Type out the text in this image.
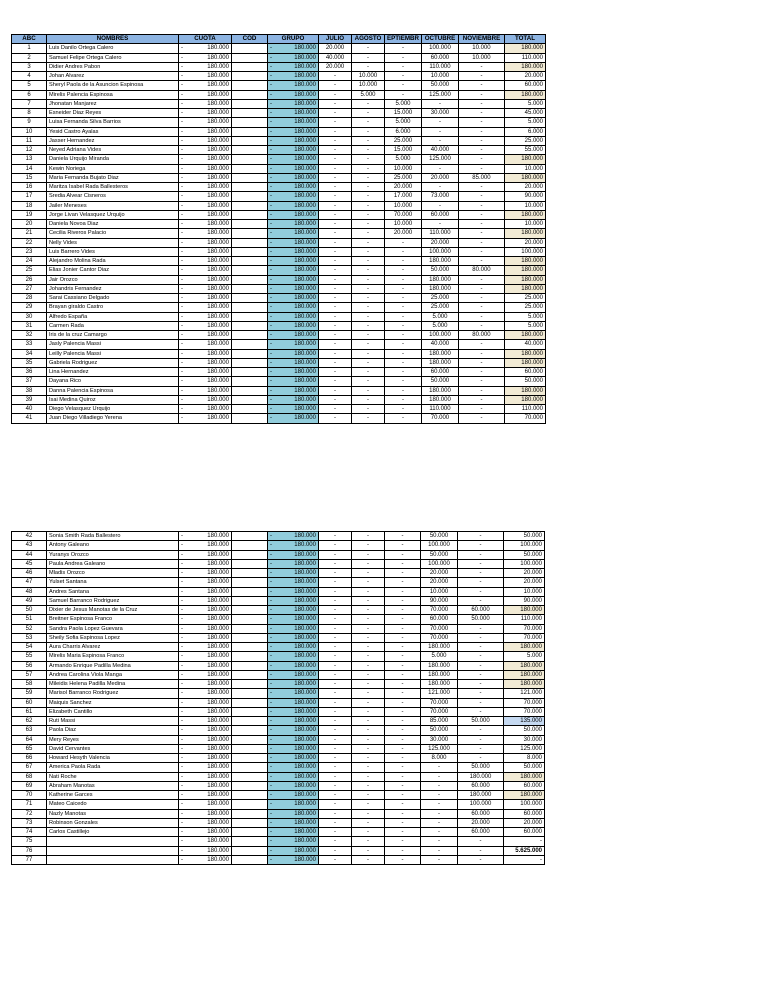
ABC	NOMBRES	CUOTA	COD	GRUPO	JULIO	AGOSTO	EPTIEMBR	OCTUBRE	NOVIEMBRE	TOTAL
1	Luis Danilo Ortega Calero	- 180.000		- 180.000	20.000	-	-	100.000	10.000	180.000
2	Samuel Felipe Ortega Calero	- 180.000		- 180.000	40.000	-	-	60.000	10.000	110.000
3	Didier Andres Pabon	- 180.000		- 180.000	20.000	-	-	110.000	-	180.000
4	Johan Alvarez	- 180.000		- 180.000	-	10.000	-	10.000	-	20.000
5	Sheryl Paola de la Asuncion Espinosa	- 180.000		- 180.000	-	10.000	-	50.000	-	60.000
6	Mirelis Palencia Espinosa	- 180.000		- 180.000	-	5.000	-	125.000	-	180.000
7	Jhonatan Manjarez	- 180.000		- 180.000	-	-	5.000	-	-	5.000
8	Esneider Diaz Reyes	- 180.000		- 180.000	-	-	15.000	30.000	-	45.000
9	Luisa Fernanda Silva Barrios	- 180.000		- 180.000	-	-	5.000	-	-	5.000
10	Yesid Castro Ayalas	- 180.000		- 180.000	-	-	6.000	-	-	6.000
11	Jasser Hernandez	- 180.000		- 180.000	-	-	25.000	-	-	25.000
12	Neyed Adriana Vides	- 180.000		- 180.000	-	-	15.000	40.000	-	55.000
13	Daniela Urquijo Miranda	- 180.000		- 180.000	-	-	5.000	125.000	-	180.000
14	Kewin Noriega	- 180.000		- 180.000	-	-	10.000	-	-	10.000
15	Maria Fernanda Bujato Diaz	- 180.000		- 180.000	-	-	25.000	20.000	85.000	180.000
16	Maritza Isabel Rada Ballesteros	- 180.000		- 180.000	-	-	20.000	-	-	20.000
17	Sredia Alvear Cisneros	- 180.000		- 180.000	-	-	17.000	73.000	-	90.000
18	Jailer Meneses	- 180.000		- 180.000	-	-	10.000	-	-	10.000
19	Jorge Livan Velasquez Urquijo	- 180.000		- 180.000	-	-	70.000	60.000	-	180.000
20	Daniela Novoa Diaz	- 180.000		- 180.000	-	-	10.000	-	-	10.000
21	Cecilia Riveros Palacio	- 180.000		- 180.000	-	-	20.000	110.000	-	180.000
22	Nelly Vides	- 180.000		- 180.000	-	-	-	20.000	-	20.000
23	Luis Barrero Vides	- 180.000		- 180.000	-	-	-	100.000	-	100.000
24	Alejandro Molina Rada	- 180.000		- 180.000	-	-	-	180.000	-	180.000
25	Elias Jonier Cantor Diaz	- 180.000		- 180.000	-	-	-	50.000	80.000	180.000
26	Jair Orozco	- 180.000		- 180.000	-	-	-	180.000	-	180.000
27	Johandris Fernandez	- 180.000		- 180.000	-	-	-	180.000	-	180.000
28	Sarai Cassiano Delgado	- 180.000		- 180.000	-	-	-	25.000	-	25.000
29	Brayan giraldo Castro	- 180.000		- 180.000	-	-	-	25.000	-	25.000
30	Alfredo España	- 180.000		- 180.000	-	-	-	5.000	-	5.000
31	Carmen Rada	- 180.000		- 180.000	-	-	-	5.000	-	5.000
32	Iris de la cruz Camargo	- 180.000		- 180.000	-	-	-	100.000	80.000	180.000
33	Jasly Palencia Massi	- 180.000		- 180.000	-	-	-	40.000	-	40.000
34	Leilly Palencia Massi	- 180.000		- 180.000	-	-	-	180.000	-	180.000
35	Gabriela Rodriguez	- 180.000		- 180.000	-	-	-	180.000	-	180.000
36	Lina Hernandez	- 180.000		- 180.000	-	-	-	60.000	-	60.000
37	Dayana Rico	- 180.000		- 180.000	-	-	-	50.000	-	50.000
38	Danna Palencia Espinosa	- 180.000		- 180.000	-	-	-	180.000	-	180.000
39	Isai Medina Quiroz	- 180.000		- 180.000	-	-	-	180.000	-	180.000
40	Diego Velasquez Urquijo	- 180.000		- 180.000	-	-	-	110.000	-	110.000
41	Juan Diego Villadiego Yerena	- 180.000		- 180.000	-	-	-	70.000	-	70.000
42	Sonia Smith Rada Ballestero	- 180.000		- 180.000	-	-	-	50.000	-	50.000
43	Antony Galeano	- 180.000		- 180.000	-	-	-	100.000	-	100.000
44	Yuranys Orozco	- 180.000		- 180.000	-	-	-	50.000	-	50.000
45	Paula Andrea Galeano	- 180.000		- 180.000	-	-	-	100.000	-	100.000
46	Mladis Orozco	- 180.000		- 180.000	-	-	-	20.000	-	20.000
47	Yulset Santana	- 180.000		- 180.000	-	-	-	20.000	-	20.000
48	Andres Santana	- 180.000		- 180.000	-	-	-	10.000	-	10.000
49	Samuel Barranco Rodriguez	- 180.000		- 180.000	-	-	-	90.000	-	90.000
50	Dixier de Jesus Manotas de la Cruz	- 180.000		- 180.000	-	-	-	70.000	60.000	180.000
51	Breitner Espinosa Franco	- 180.000		- 180.000	-	-	-	60.000	50.000	110.000
52	Sandra Paola Lopez Guevara	- 180.000		- 180.000	-	-	-	70.000	-	70.000
53	Sheily Sofia Espinosa Lopez	- 180.000		- 180.000	-	-	-	70.000	-	70.000
54	Aura Charris Alvarez	- 180.000		- 180.000	-	-	-	180.000	-	180.000
55	Mirelis Maria Espinosa Franco	- 180.000		- 180.000	-	-	-	5.000	-	5.000
56	Armando Enrique Padilla Medina	- 180.000		- 180.000	-	-	-	180.000	-	180.000
57	Andrea Carolina Viola Manga	- 180.000		- 180.000	-	-	-	180.000	-	180.000
58	Mileidis Helena Padilla Medina	- 180.000		- 180.000	-	-	-	180.000	-	180.000
59	Marisol Barranco Rodriguez	- 180.000		- 180.000	-	-	-	121.000	-	121.000
60	Maiquis Sanchez	- 180.000		- 180.000	-	-	-	70.000	-	70.000
61	Elizabeth Cantillo	- 180.000		- 180.000	-	-	-	70.000	-	70.000
62	Ruti Massi	- 180.000		- 180.000	-	-	-	85.000	50.000	135.000
63	Paola Diaz	- 180.000		- 180.000	-	-	-	50.000	-	50.000
64	Mery Reyes	- 180.000		- 180.000	-	-	-	30.000	-	30.000
65	David Cervantes	- 180.000		- 180.000	-	-	-	125.000	-	125.000
66	Howard Hesyth Valencia	- 180.000		- 180.000	-	-	-	8.000	-	8.000
67	America Paola Rada	- 180.000		- 180.000	-	-	-	-	50.000	50.000
68	Nati Roche	- 180.000		- 180.000	-	-	-	-	180.000	180.000
69	Abraham Manotas	- 180.000		- 180.000	-	-	-	-	60.000	60.000
70	Katherine Garces	- 180.000		- 180.000	-	-	-	-	180.000	180.000
71	Mateo Caicedo	- 180.000		- 180.000	-	-	-	-	100.000	100.000
72	Nazly Manotas	- 180.000		- 180.000	-	-	-	-	60.000	60.000
73	Robinson Gonzales	- 180.000		- 180.000	-	-	-	-	20.000	20.000
74	Carlos Castillejo	- 180.000		- 180.000	-	-	-	-	60.000	60.000
75		- 180.000		- 180.000	-	-	-	-	-	-
76		- 180.000		- 180.000	-	-	-	-	-	5.625.000
77		- 180.000		- 180.000	-	-	-	-	-	-
